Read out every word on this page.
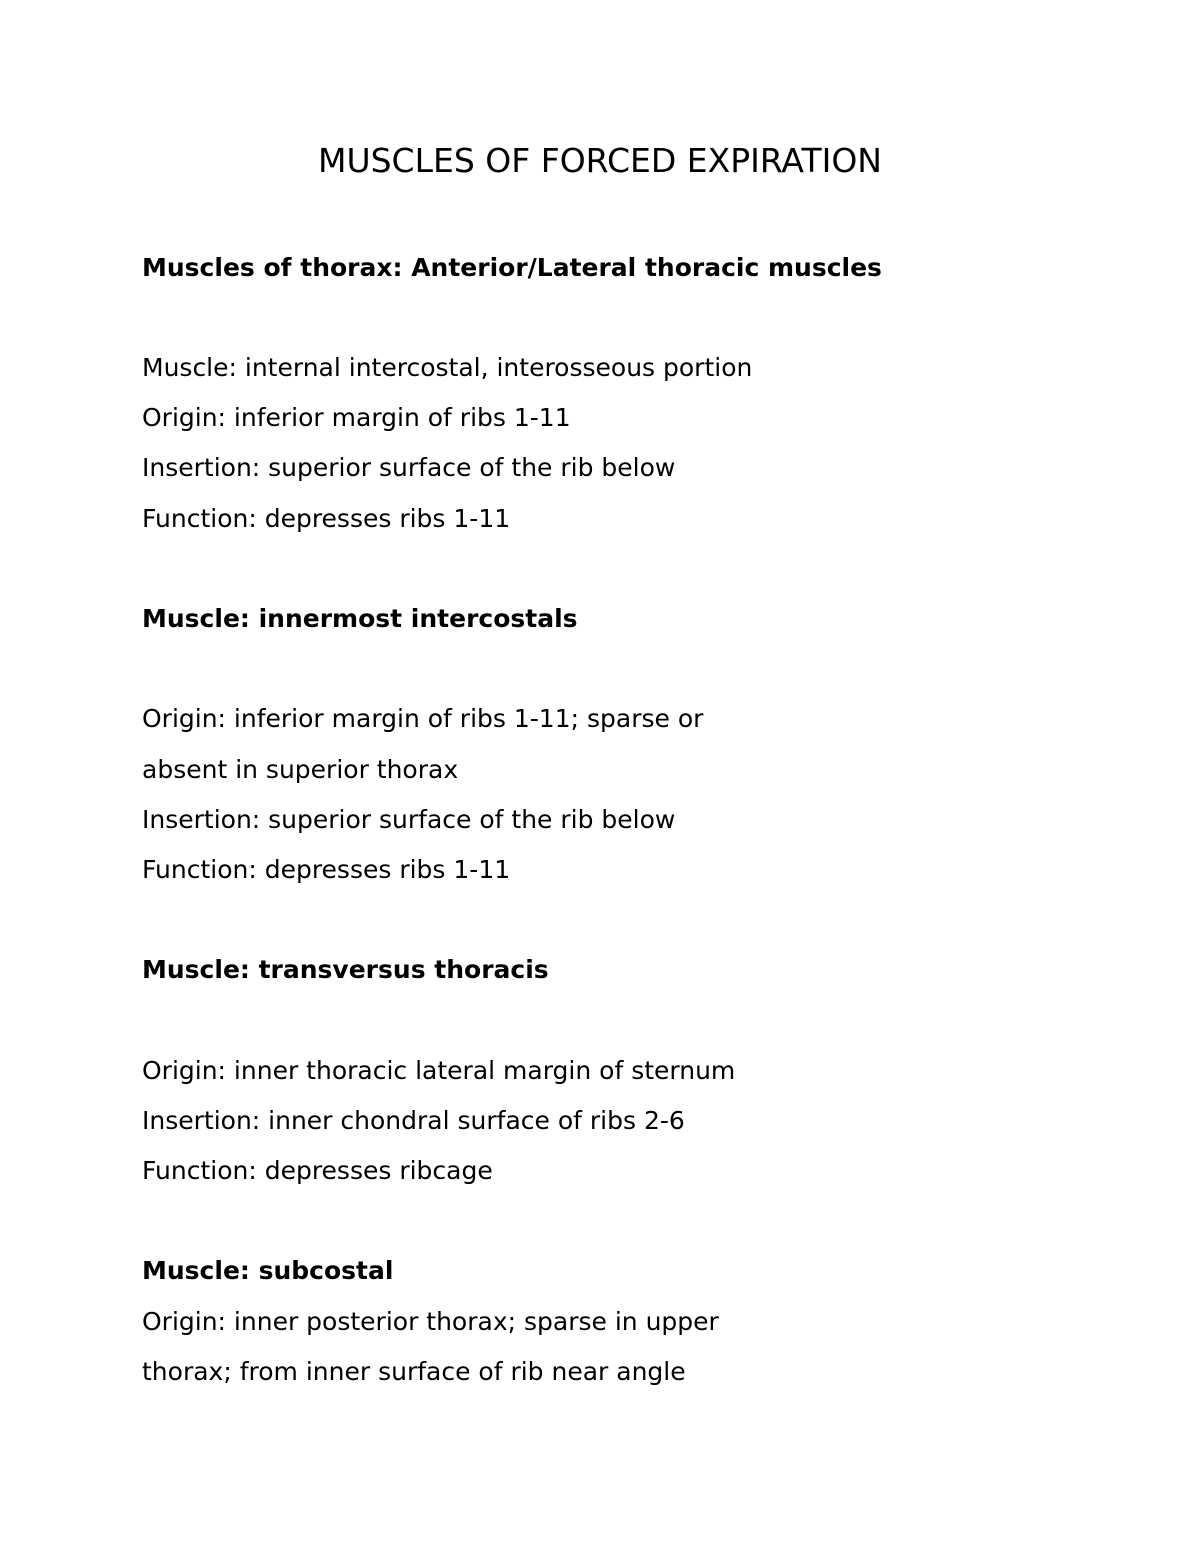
MUSCLES OF FORCED EXPIRATION
Muscles of thorax: Anterior/Lateral thoracic muscles
Muscle: internal intercostal, interosseous portion
Origin: inferior margin of ribs 1-11
Insertion: superior surface of the rib below
Function: depresses ribs 1-11
Muscle: innermost intercostals
Origin: inferior margin of ribs 1-11; sparse or
absent in superior thorax
Insertion: superior surface of the rib below
Function: depresses ribs 1-11
Muscle: transversus thoracis
Origin: inner thoracic lateral margin of sternum
Insertion: inner chondral surface of ribs 2-6
Function: depresses ribcage
Muscle: subcostal
Origin: inner posterior thorax; sparse in upper
thorax; from inner surface of rib near angle
